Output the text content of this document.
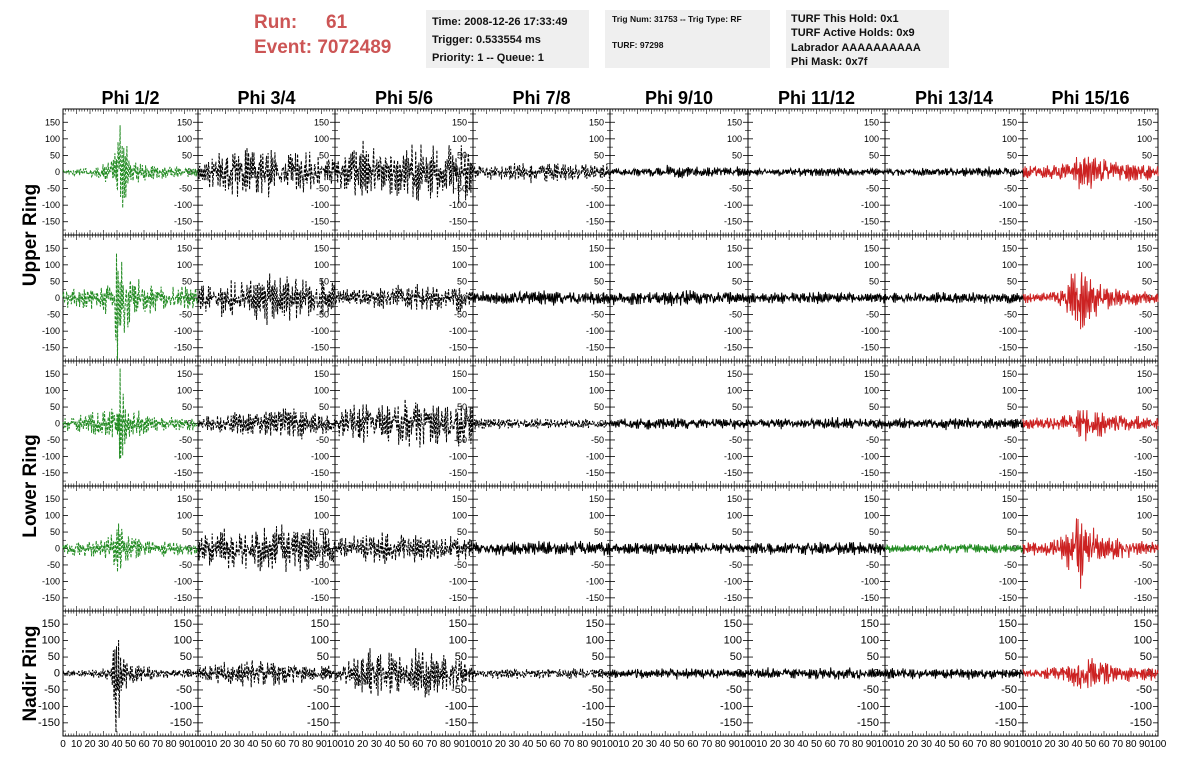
Run: 61
Event: 7072489
Time: 2008-12-26 17:33:49
Trigger: 0.533554 ms
Priority: 1 -- Queue: 1
Trig Num: 31753 -- Trig Type: RF
TURF: 97298
TURF This Hold: 0x1
TURF Active Holds: 0x9
Labrador AAAAAAAAAA
Phi Mask: 0x7f
Phi 1/2	Phi 3/4	Phi 5/6	Phi 7/8	Phi 9/10	Phi 11/12	Phi 13/14	Phi 15/16
Upper Ring
Lower Ring
Nadir Ring
-150	-150
-100	-100
-50	-50
0	0
50	50
100	100
150	150
-150
-100
-50
0
50
100
150
-150
-100
-50
0
50
100
150
-150
-100
-50
0
50
100
150
-150
-100
-50
0
50
100
150
-150
-100
-50
0
50
100
150
-150
-100
-50
0
50
100
150
-150
-100
-50
0
50
100
150
-150	-150
-100	-100
-50	-50
0	0
50	50
100	100
150	150
-150
-100
-50
0
50
100
150
-150
-100
-50
0
50
100
150
-150
-100
-50
0
50
100
150
-150
-100
-50
0
50
100
150
-150
-100
-50
0
50
100
150
-150
-100
-50
0
50
100
150
-150
-100
-50
0
50
100
150
-150	-150
-100	-100
-50	-50
0	0
50	50
100	100
150	150
-150
-100
-50
0
50
100
150
-150
-100
-50
0
50
100
150
-150
-100
-50
0
50
100
150
-150
-100
-50
0
50
100
150
-150
-100
-50
0
50
100
150
-150
-100
-50
0
50
100
150
-150
-100
-50
0
50
100
150
-150	-150
-100	-100
-50	-50
0	0
50	50
100	100
150	150
-150
-100
-50
0
50
100
150
-150
-100
-50
0
50
100
150
-150
-100
-50
0
50
100
150
-150
-100
-50
0
50
100
150
-150
-100
-50
0
50
100
150
-150
-100
-50
0
50
100
150
-150
-100
-50
0
50
100
150
-150	-150
-100	-100
-50	-50
0	0
50	50
100	100
150	150
-150
-100
-50
0
50
100
150
-150
-100
-50
0
50
100
150
-150
-100
-50
0
50
100
150
-150
-100
-50
0
50
100
150
-150
-100
-50
0
50
100
150
-150
-100
-50
0
50
100
150
-150
-100
-50
0
50
100
150
0 10 20 30 40 50 60 70 80 90 100 10 20 30 40 50 60 70 80 90 100 10 20 30 40 50 60 70 80 90 100 10 20 30 40 50 60 70 80 90 100 10 20 30 40 50 60 70 80 90 100 10 20 30 40 50 60 70 80 90 100 10 20 30 40 50 60 70 80 90 100 10 20 30 40 50 60 70 80 90 100
